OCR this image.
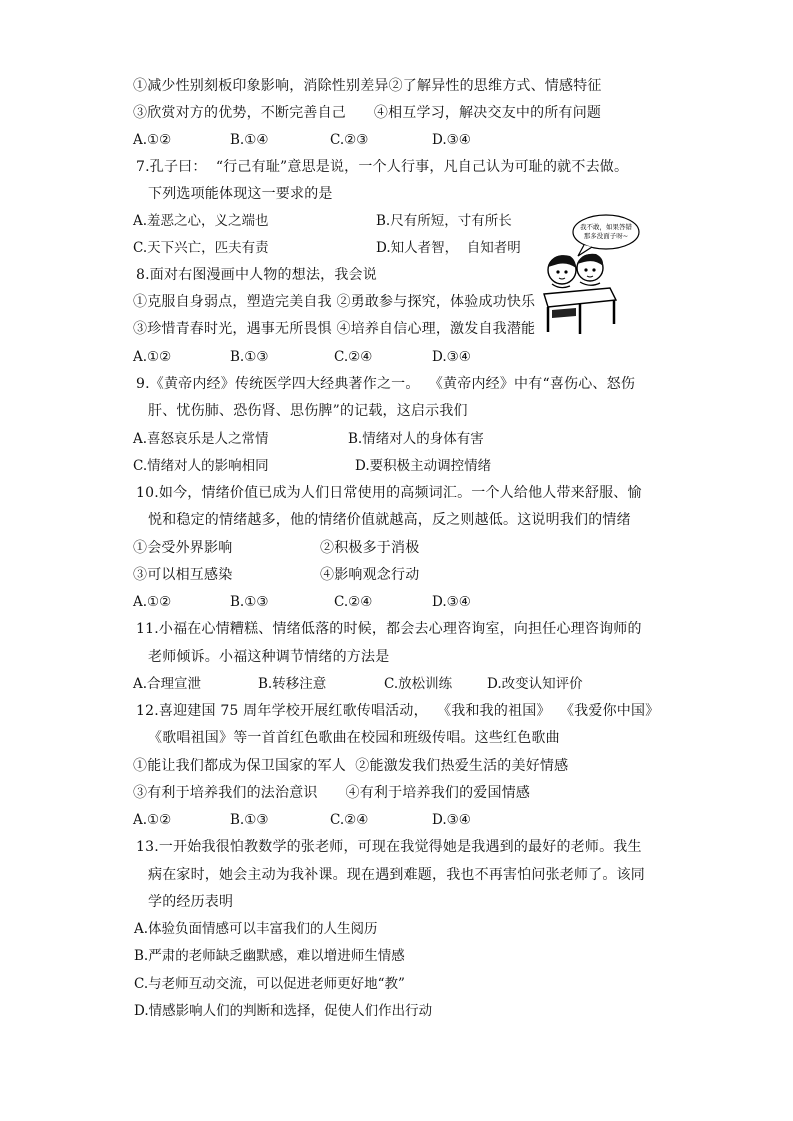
①减少性别刻板印象影响，消除性别差异②了解异性的思维方式、情感特征
③欣赏对方的优势，不断完善自己      ④相互学习，解决交友中的所有问题
A.①②	B.①④	C.②③	D.③④
7.孔子曰：  “行己有耻”意思是说，一个人行事，凡自己认为可耻的就不去做。
下列选项能体现这一要求的是
A.羞恶之心，义之端也	B.尺有所短，寸有所长
C.天下兴亡，匹夫有责	D.知人者智，  自知者明
我不敢，如果答错
那多没面子呀~
8.面对右图漫画中人物的想法，我会说
①克服自身弱点，塑造完美自我 ②勇敢参与探究，体验成功快乐
③珍惜青春时光，遇事无所畏惧 ④培养自信心理，激发自我潜能
A.①②	B.①③	C.②④	D.③④
9.《黄帝内经》传统医学四大经典著作之一。  《黄帝内经》中有“喜伤心、怒伤
肝、忧伤肺、恐伤肾、思伤脾”的记载，这启示我们
A.喜怒哀乐是人之常情	B.情绪对人的身体有害
C.情绪对人的影响相同	D.要积极主动调控情绪
10.如今，情绪价值已成为人们日常使用的高频词汇。一个人给他人带来舒服、愉
悦和稳定的情绪越多，他的情绪价值就越高，反之则越低。这说明我们的情绪
①会受外界影响	②积极多于消极
③可以相互感染	④影响观念行动
A.①②	B.①③	C.②④	D.③④
11.小福在心情糟糕、情绪低落的时候，都会去心理咨询室，向担任心理咨询师的
老师倾诉。小福这种调节情绪的方法是
A.合理宣泄	B.转移注意	C.放松训练	D.改变认知评价
12.喜迎建国 75 周年学校开展红歌传唱活动，  《我和我的祖国》  《我爱你中国》
《歌唱祖国》等一首首红色歌曲在校园和班级传唱。这些红色歌曲
①能让我们都成为保卫国家的军人  ②能激发我们热爱生活的美好情感
③有利于培养我们的法治意识      ④有利于培养我们的爱国情感
A.①②	B.①③	C.②④	D.③④
13.一开始我很怕教数学的张老师，可现在我觉得她是我遇到的最好的老师。我生
病在家时，她会主动为我补课。现在遇到难题，我也不再害怕问张老师了。该同
学的经历表明
A.体验负面情感可以丰富我们的人生阅历
B.严肃的老师缺乏幽默感，难以增进师生情感
C.与老师互动交流，可以促进老师更好地“教”
D.情感影响人们的判断和选择，促使人们作出行动
